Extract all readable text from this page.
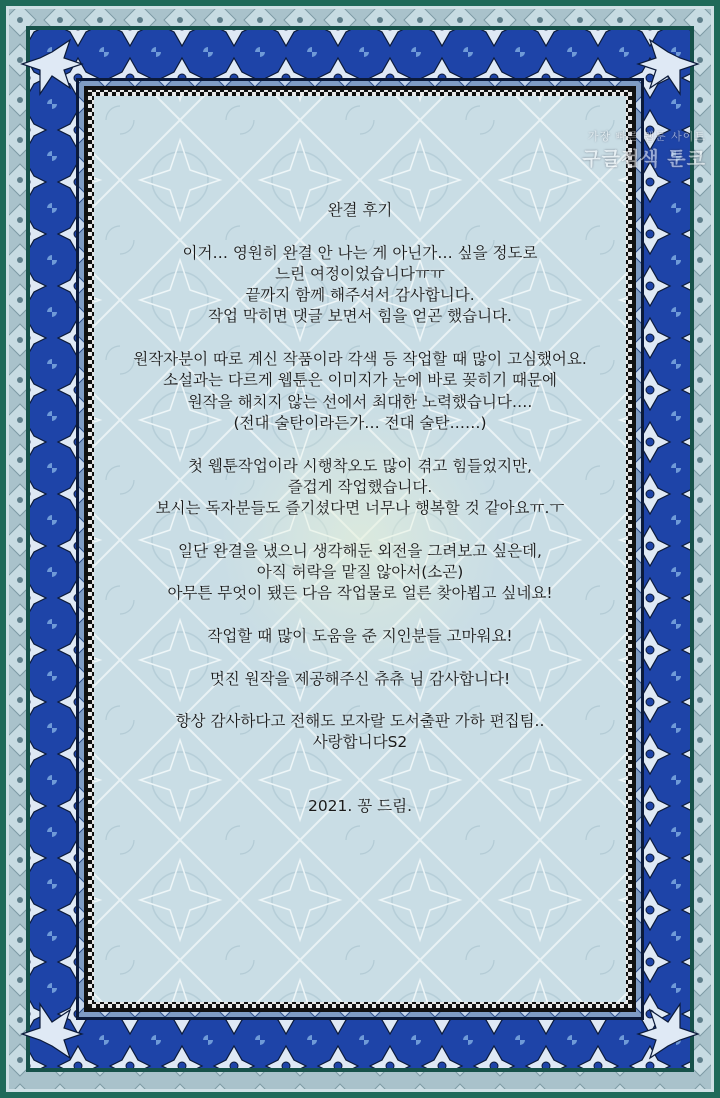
가장 빠른 웹툰 사이트
구글검색 툰코
완결 후기
이거… 영원히 완결 안 나는 게 아닌가… 싶을 정도로
느린 여정이었습니다ㅠㅠ
끝까지 함께 해주셔서 감사합니다.
작업 막히면 댓글 보면서 힘을 얻곤 했습니다.
원작자분이 따로 계신 작품이라 각색 등 작업할 때 많이 고심했어요.
소설과는 다르게 웹툰은 이미지가 눈에 바로 꽂히기 때문에
원작을 해치지 않는 선에서 최대한 노력했습니다….
(전대 술탄이라든가… 전대 술탄……)
첫 웹툰작업이라 시행착오도 많이 겪고 힘들었지만,
즐겁게 작업했습니다.
보시는 독자분들도 즐기셨다면 너무나 행복할 것 같아요ㅠ.ㅜ
일단 완결을 냈으니 생각해둔 외전을 그려보고 싶은데,
아직 허락을 맡질 않아서(소곤)
아무튼 무엇이 됐든 다음 작업물로 얼른 찾아뵙고 싶네요!
작업할 때 많이 도움을 준 지인분들 고마워요!
멋진 원작을 제공해주신 츄츄 님 감사합니다!
항상 감사하다고 전해도 모자랄 도서출판 가하 편집팀..
사랑합니다S2
2021. 꽁 드림.
